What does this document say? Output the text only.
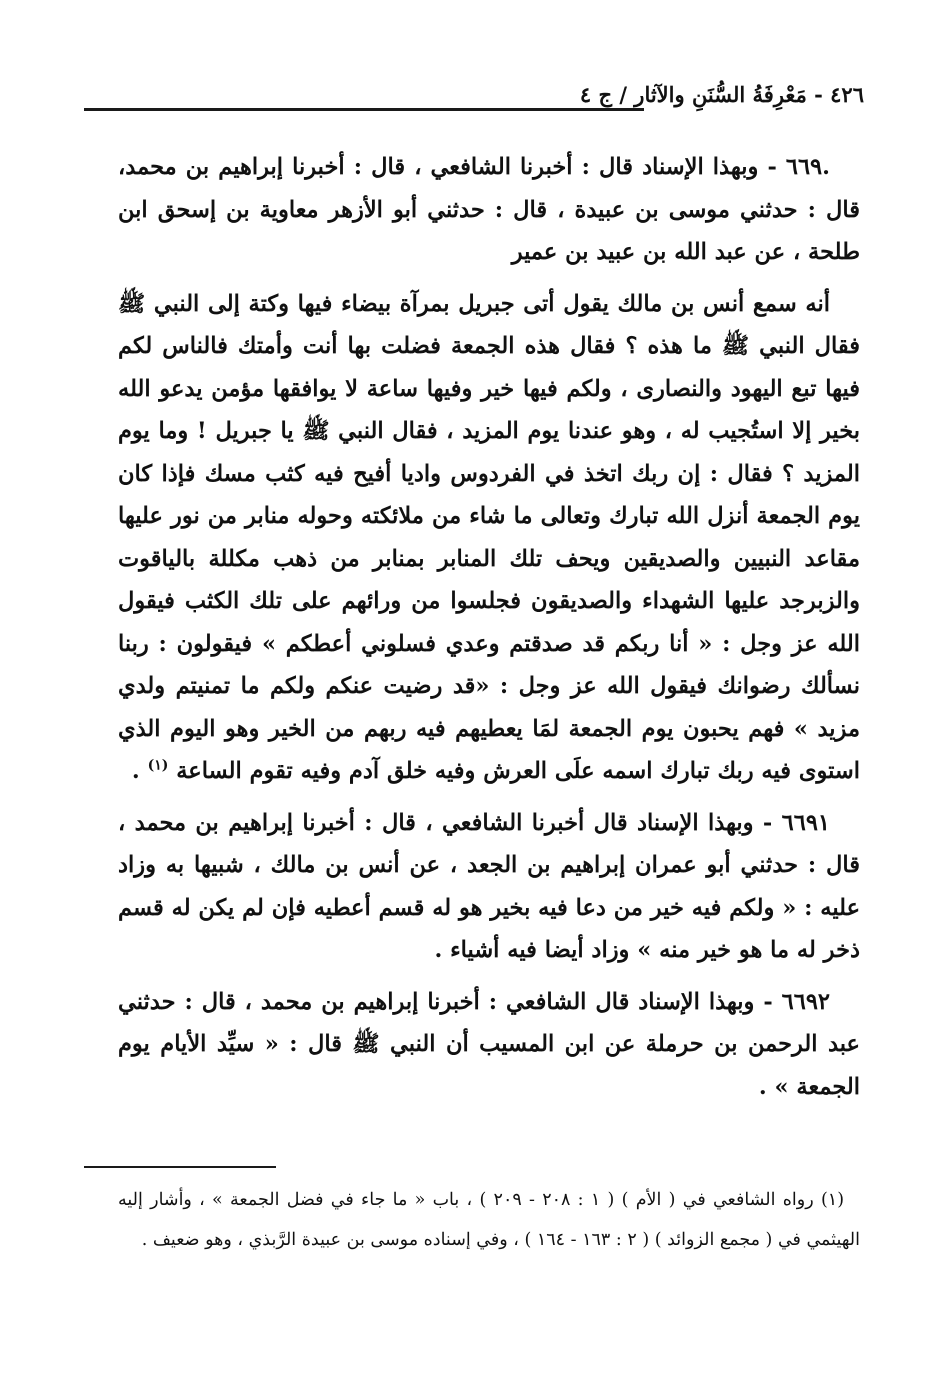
٤٢٦ - مَعْرِفَةُ السُّنَنِ والآثار / ج ٤

.٦٦٩ - وبهذا الإسناد قال : أخبرنا الشافعي ، قال : أخبرنا إبراهيم بن محمد، قال : حدثني موسى بن عبيدة ، قال : حدثني أبو الأزهر معاوية بن إسحق ابن طلحة ، عن عبد الله بن عبيد بن عمير

أنه سمع أنس بن مالك يقول أتى جبريل بمرآة بيضاء فيها وكتة إلى النبي ﷺ فقال النبي ﷺ ما هذه ؟ فقال هذه الجمعة فضلت بها أنت وأمتك فالناس لكم فيها تبع اليهود والنصارى ، ولكم فيها خير وفيها ساعة لا يوافقها مؤمن يدعو الله بخير إلا استُجيب له ، وهو عندنا يوم المزيد ، فقال النبي ﷺ يا جبريل ! وما يوم المزيد ؟ فقال : إن ربك اتخذ في الفردوس واديا أفيح فيه كثب مسك فإذا كان يوم الجمعة أنزل الله تبارك وتعالى ما شاء من ملائكته وحوله منابر من نور عليها مقاعد النبيين والصديقين ويحف تلك المنابر بمنابر من ذهب مكللة بالياقوت والزبرجد عليها الشهداء والصديقون فجلسوا من ورائهم على تلك الكثب فيقول الله عز وجل : « أنا ربكم قد صدقتم وعدي فسلوني أعطكم » فيقولون : ربنا نسألك رضوانك فيقول الله عز وجل : «قد رضيت عنكم ولكم ما تمنيتم ولدي مزيد » فهم يحبون يوم الجمعة لمَا يعطيهم فيه ربهم من الخير وهو اليوم الذي استوى فيه ربك تبارك اسمه علَى العرش وفيه خلق آدم وفيه تقوم الساعة $^{(١)}$ .

٦٦٩١ - وبهذا الإسناد قال أخبرنا الشافعي ، قال : أخبرنا إبراهيم بن محمد ، قال : حدثني أبو عمران إبراهيم بن الجعد ، عن أنس بن مالك ، شبيها به وزاد عليه : « ولكم فيه خير من دعا فيه بخير هو له قسم أعطيه فإن لم يكن له قسم ذخر له ما هو خير منه » وزاد أيضا فيه أشياء .

٦٦٩٢ - وبهذا الإسناد قال الشافعي : أخبرنا إبراهيم بن محمد ، قال : حدثني عبد الرحمن بن حرملة عن ابن المسيب أن النبي ﷺ قال : « سيِّد الأيام يوم الجمعة » .

(١) رواه الشافعي في ( الأم ) ( ١ : ٢٠٨ - ٢٠٩ ) ، باب « ما جاء في فضل الجمعة » ، وأشار إليه الهيثمي في ( مجمع الزوائد ) ( ٢ : ١٦٣ - ١٦٤ ) ، وفي إسناده موسى بن عبيدة الرَّبذي ، وهو ضعيف .
